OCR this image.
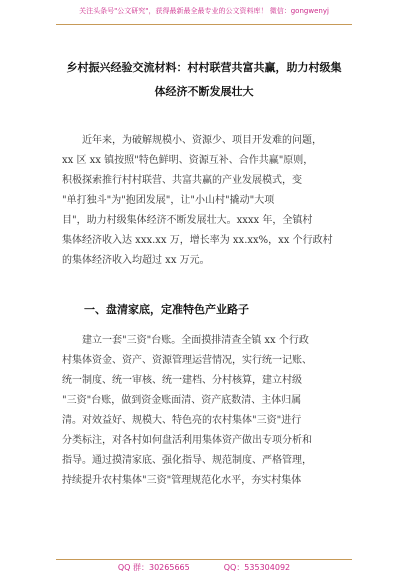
关注头条号"公文研究"，获得最新最全最专业的公文资料库！ 微信：gongwenyj
乡村振兴经验交流材料：村村联营共富共赢，助力村级集
体经济不断发展壮大
近年来，为破解规模小、资源少、项目开发难的问题，
xx 区 xx 镇按照"特色鲜明、资源互补、合作共赢"原则，
积极探索推行村村联营、共富共赢的产业发展模式，变
"单打独斗"为"抱团发展"，让"小山村"撬动"大项
目"，助力村级集体经济不断发展壮大。xxxx 年，全镇村
集体经济收入达 xxx.xx 万，增长率为 xx.xx%，xx 个行政村
的集体经济收入均超过 xx 万元。
一、盘清家底，定准特色产业路子
建立一套"三资"台账。全面摸排清查全镇 xx 个行政
村集体资金、资产、资源管理运营情况，实行统一记账、
统一制度、统一审核、统一建档、分村核算，建立村级
"三资"台账，做到资金账面清、资产底数清、主体归属
清。对效益好、规模大、特色亮的农村集体"三资"进行
分类标注，对各村如何盘活利用集体资产做出专项分析和
指导。通过摸清家底、强化指导、规范制度、严格管理，
持续提升农村集体"三资"管理规范化水平，夯实村集体
QQ 群：30265665	QQ：535304092
